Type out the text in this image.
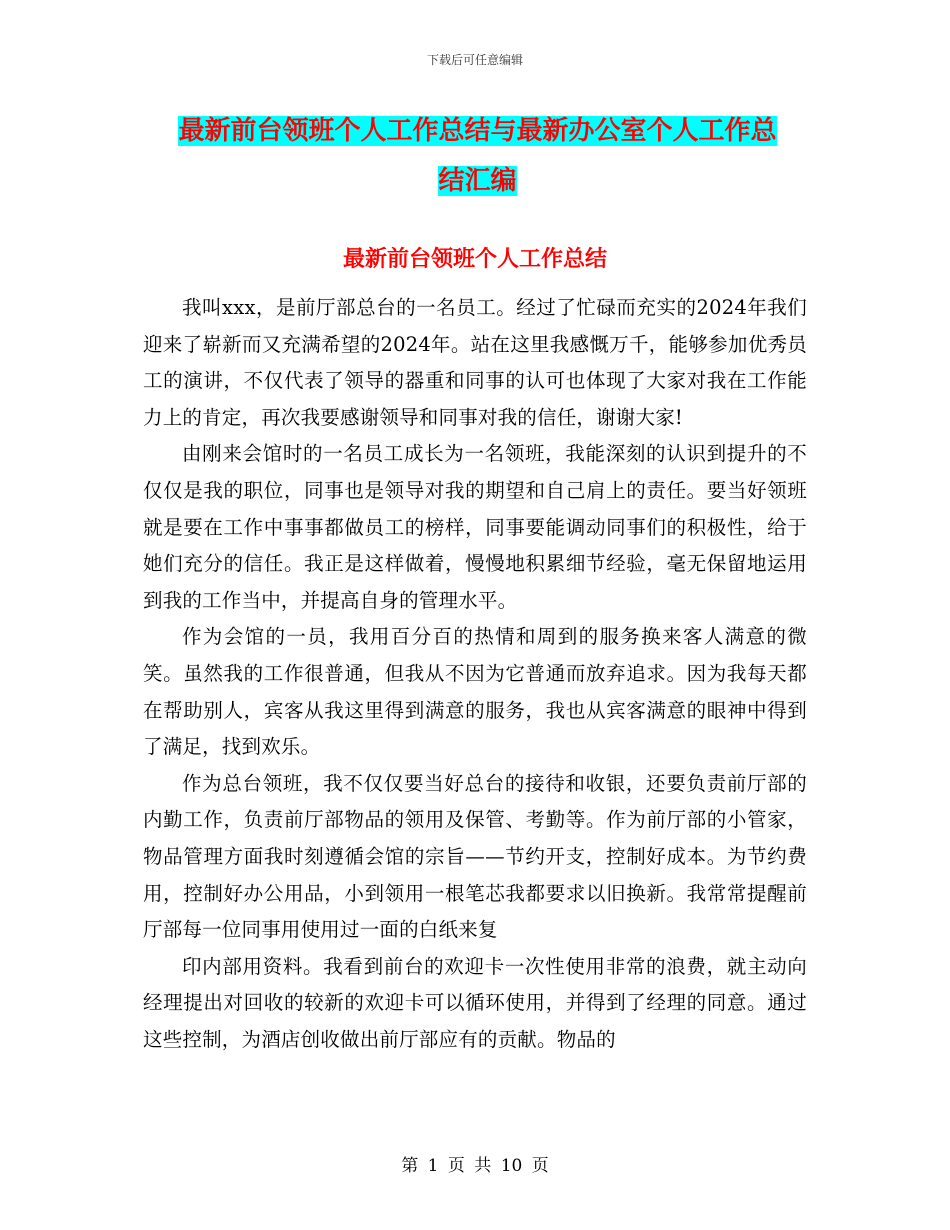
下载后可任意编辑
最新前台领班个人工作总结与最新办公室个人工作总
结汇编
最新前台领班个人工作总结

我叫xxx，是前厅部总台的一名员工。经过了忙碌而充实的2024年我们迎来了崭新而又充满希望的2024年。站在这里我感慨万千，能够参加优秀员工的演讲，不仅代表了领导的器重和同事的认可也体现了大家对我在工作能力上的肯定，再次我要感谢领导和同事对我的信任，谢谢大家!

由刚来会馆时的一名员工成长为一名领班，我能深刻的认识到提升的不仅仅是我的职位，同事也是领导对我的期望和自己肩上的责任。要当好领班就是要在工作中事事都做员工的榜样，同事要能调动同事们的积极性，给于她们充分的信任。我正是这样做着，慢慢地积累细节经验，毫无保留地运用到我的工作当中，并提高自身的管理水平。

作为会馆的一员，我用百分百的热情和周到的服务换来客人满意的微笑。虽然我的工作很普通，但我从不因为它普通而放弃追求。因为我每天都在帮助别人，宾客从我这里得到满意的服务，我也从宾客满意的眼神中得到了满足，找到欢乐。

作为总台领班，我不仅仅要当好总台的接待和收银，还要负责前厅部的内勤工作，负责前厅部物品的领用及保管、考勤等。作为前厅部的小管家，物品管理方面我时刻遵循会馆的宗旨——节约开支，控制好成本。为节约费用，控制好办公用品，小到领用一根笔芯我都要求以旧换新。我常常提醒前厅部每一位同事用使用过一面的白纸来复

印内部用资料。我看到前台的欢迎卡一次性使用非常的浪费，就主动向经理提出对回收的较新的欢迎卡可以循环使用，并得到了经理的同意。通过这些控制，为酒店创收做出前厅部应有的贡献。物品的

第 1 页 共 10 页
